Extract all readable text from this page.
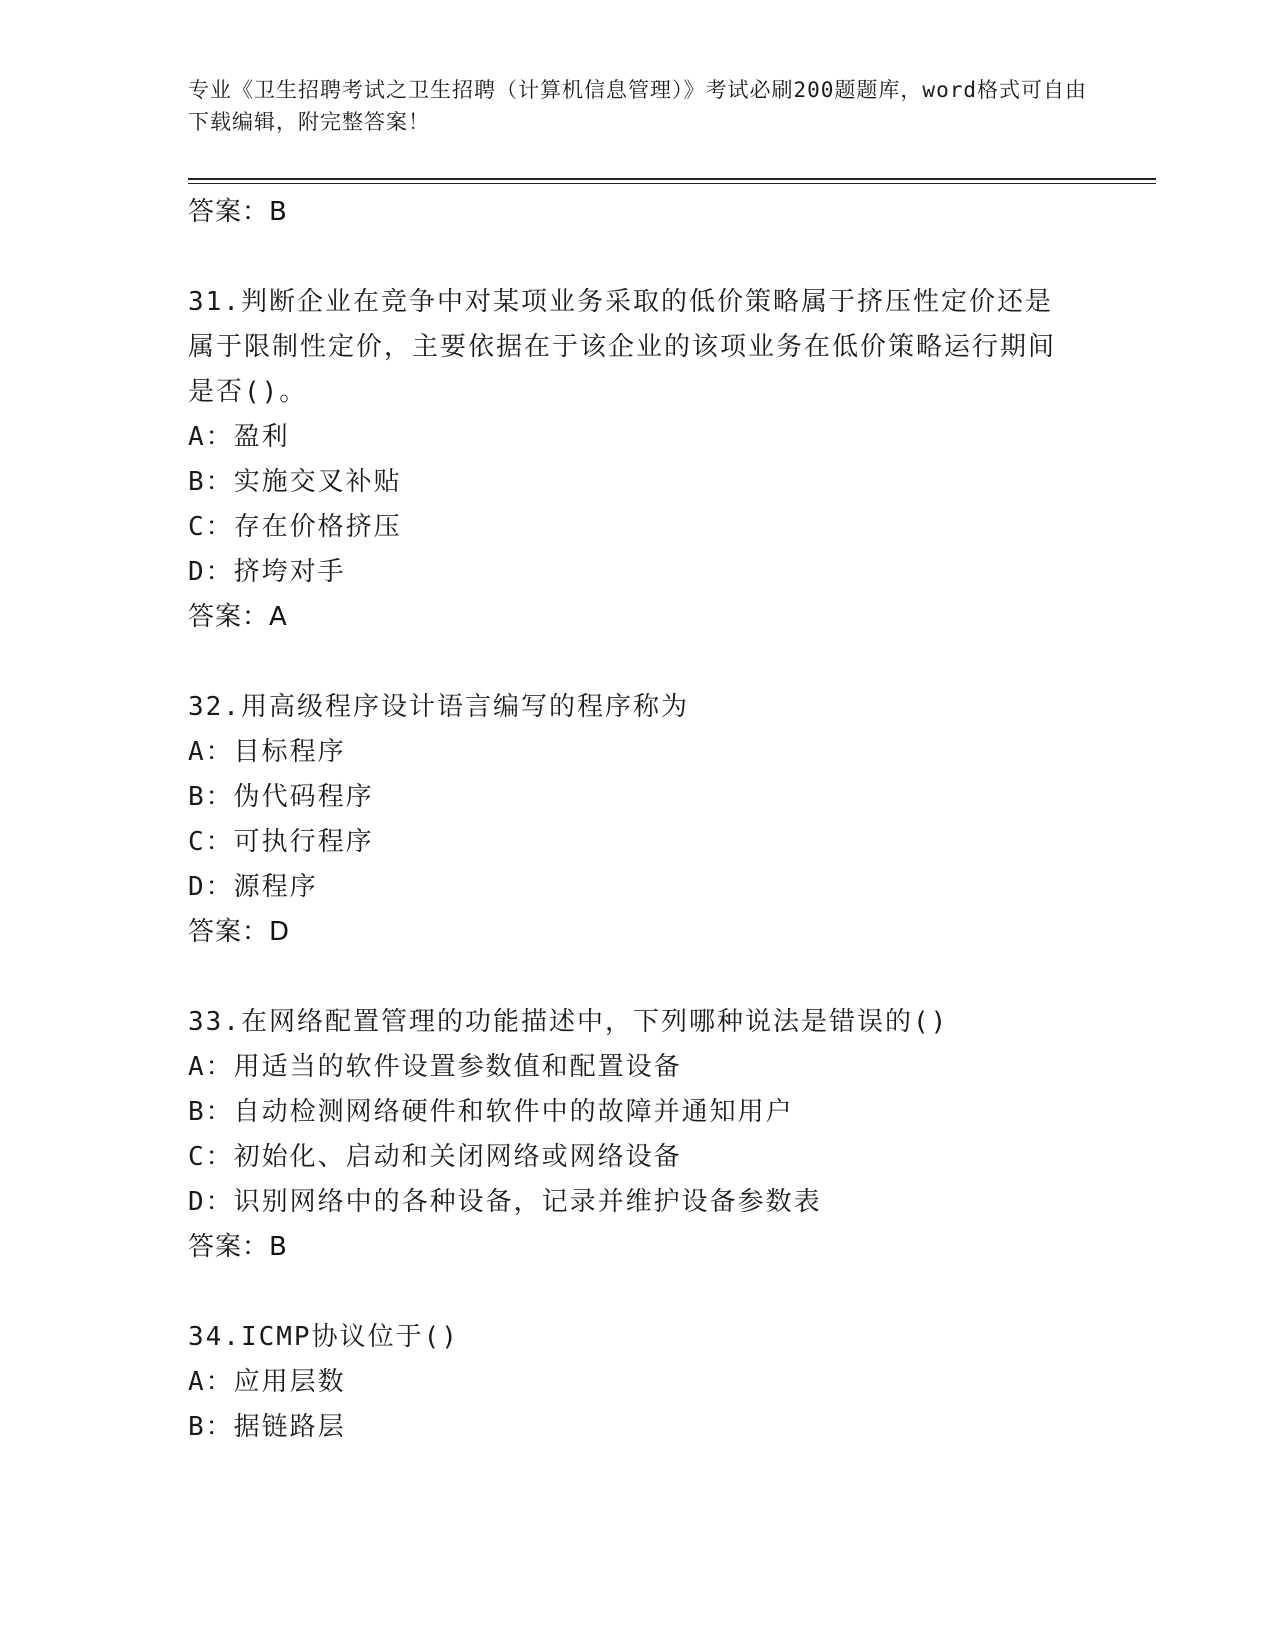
专业《卫生招聘考试之卫生招聘（计算机信息管理）》考试必刷200题题库，word格式可自由下载编辑，附完整答案！
答案：B

31.判断企业在竞争中对某项业务采取的低价策略属于挤压性定价还是属于限制性定价，主要依据在于该企业的该项业务在低价策略运行期间是否()。

A：盈利

B：实施交叉补贴

C：存在价格挤压

D：挤垮对手

答案：A

32.用高级程序设计语言编写的程序称为

A：目标程序

B：伪代码程序

C：可执行程序

D：源程序

答案：D

33.在网络配置管理的功能描述中，下列哪种说法是错误的()

A：用适当的软件设置参数值和配置设备

B：自动检测网络硬件和软件中的故障并通知用户

C：初始化、启动和关闭网络或网络设备

D：识别网络中的各种设备，记录并维护设备参数表

答案：B

34.ICMP协议位于()

A：应用层数

B：据链路层
